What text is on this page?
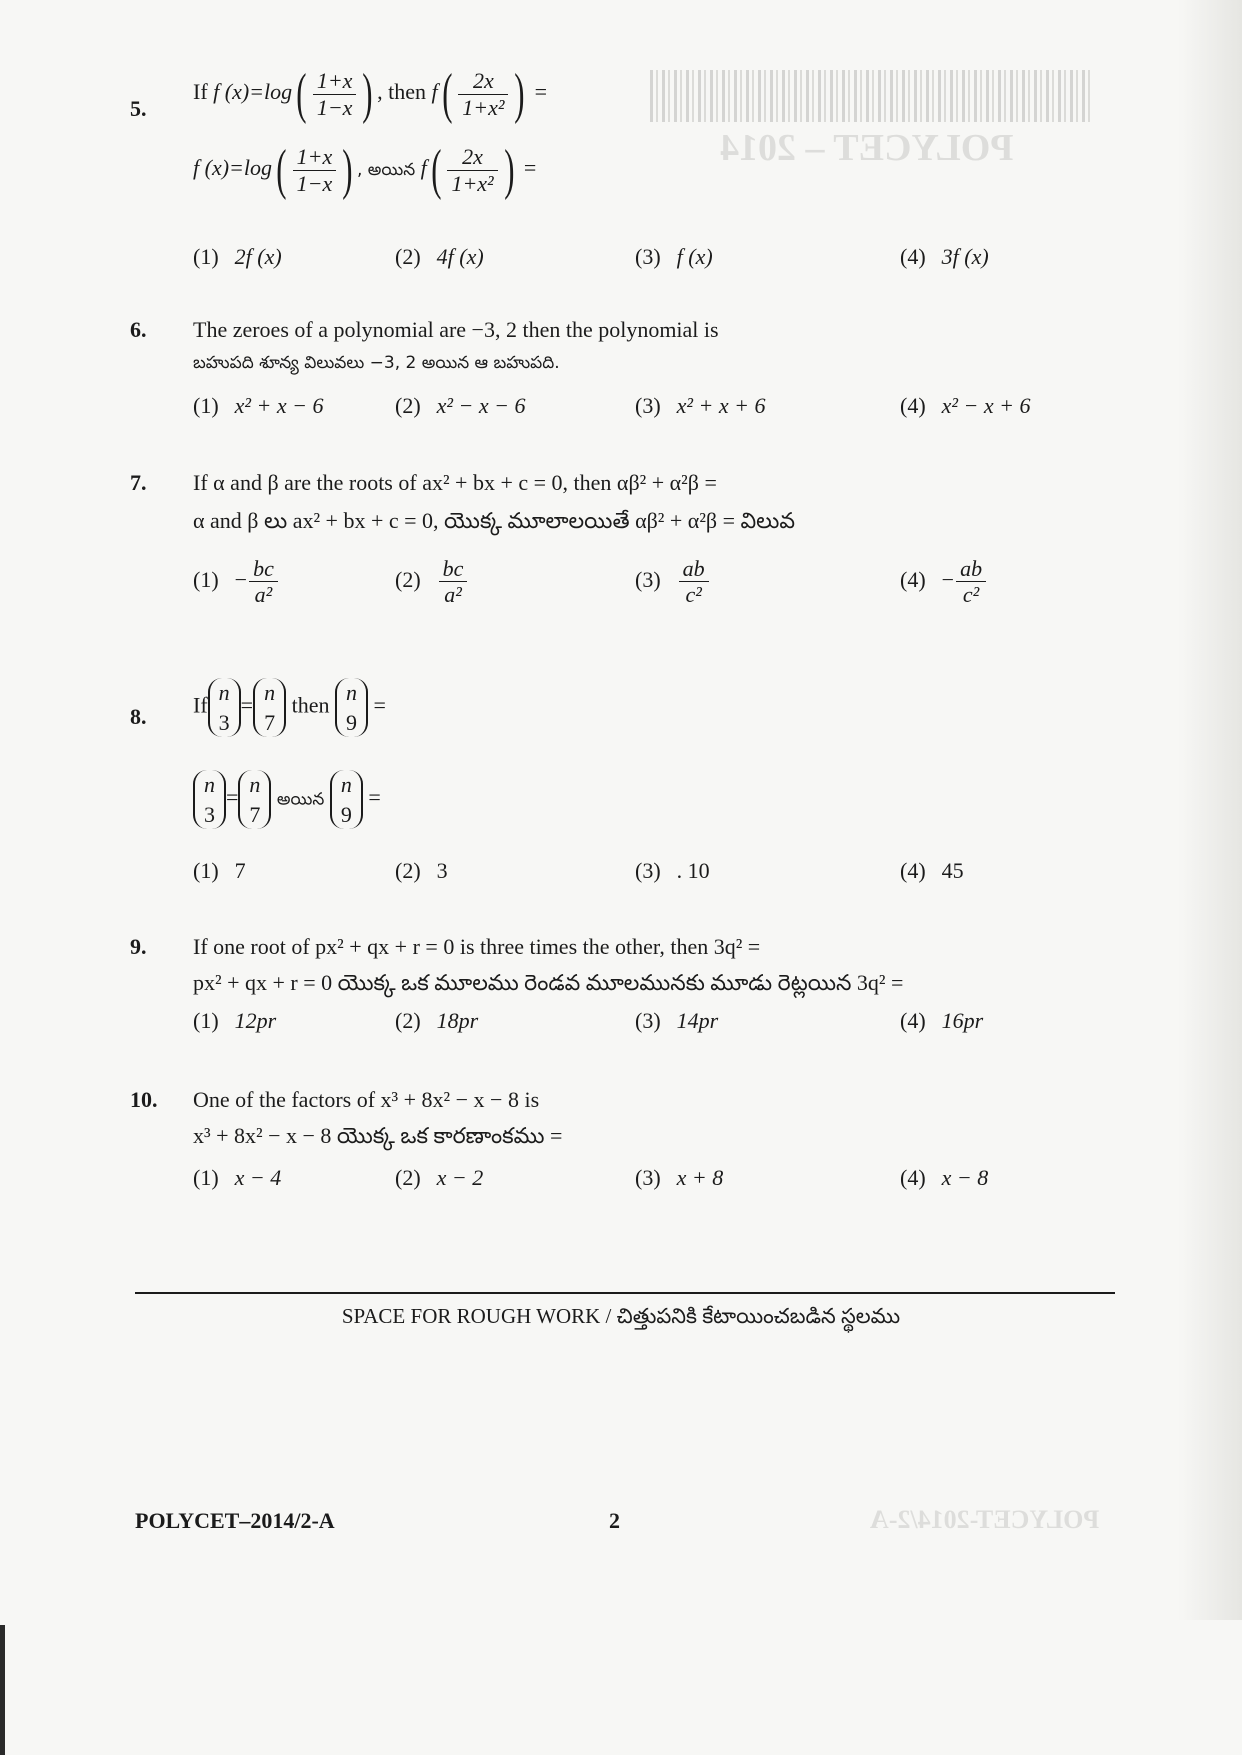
POLYCET – 2014
POLYCET-2014/2-A
5.
If f $(x)=\log( \frac{1+x}{1-x}$ ) , then $f( \frac{2x}{\text{1+x²}}$ ) =
f $(x)=\log( \frac{1+x}{1-x}$ ) , అయిన $f( \frac{2x}{\text{1+x²}}$ ) =
(1) 2f (x)	(2) 4f (x)	(3) f (x)	(4) 3f (x)
6. The zeroes of a polynomial are −3, 2 then the polynomial is
బహుపది శూన్య విలువలు −3, 2 అయిన ఆ బహుపది.
(1) x² + x − 6	(2) x² − x − 6	(3) x² + x + 6	(4) x² − x + 6
7. If α and β are the roots of ax² + bx + c = 0, then αβ² + α²β =
α and β లు ax² + bx + c = 0, యొక్క మూలాలయితే αβ² + α²β = విలువ
$(1) - \frac{bc}{\text{a²}}$	$(2) \frac{bc}{\text{a²}}$	$(3) \frac{ab}{\text{c²}}$	$(4) - \frac{ab}{\text{c²}}$
8. Ifn
3=n
7 then n
9 =
n
3=n
7 అయిన n
9 =
(1) 7	(2) 3	(3) . 10	(4) 45
9. If one root of px² + qx + r = 0 is three times the other, then 3q² =
px² + qx + r = 0 యొక్క ఒక మూలము రెండవ మూలమునకు మూడు రెట్లయిన 3q² =
(1) 12pr	(2) 18pr	(3) 14pr	(4) 16pr
10. One of the factors of x³ + 8x² − x − 8 is
x³ + 8x² − x − 8 యొక్క ఒక కారణాంకము =
(1) x − 4	(2) x − 2	(3) x + 8	(4) x − 8
SPACE FOR ROUGH WORK / చిత్తుపనికి కేటాయించబడిన స్థలము
POLYCET–2014/2-A	2
